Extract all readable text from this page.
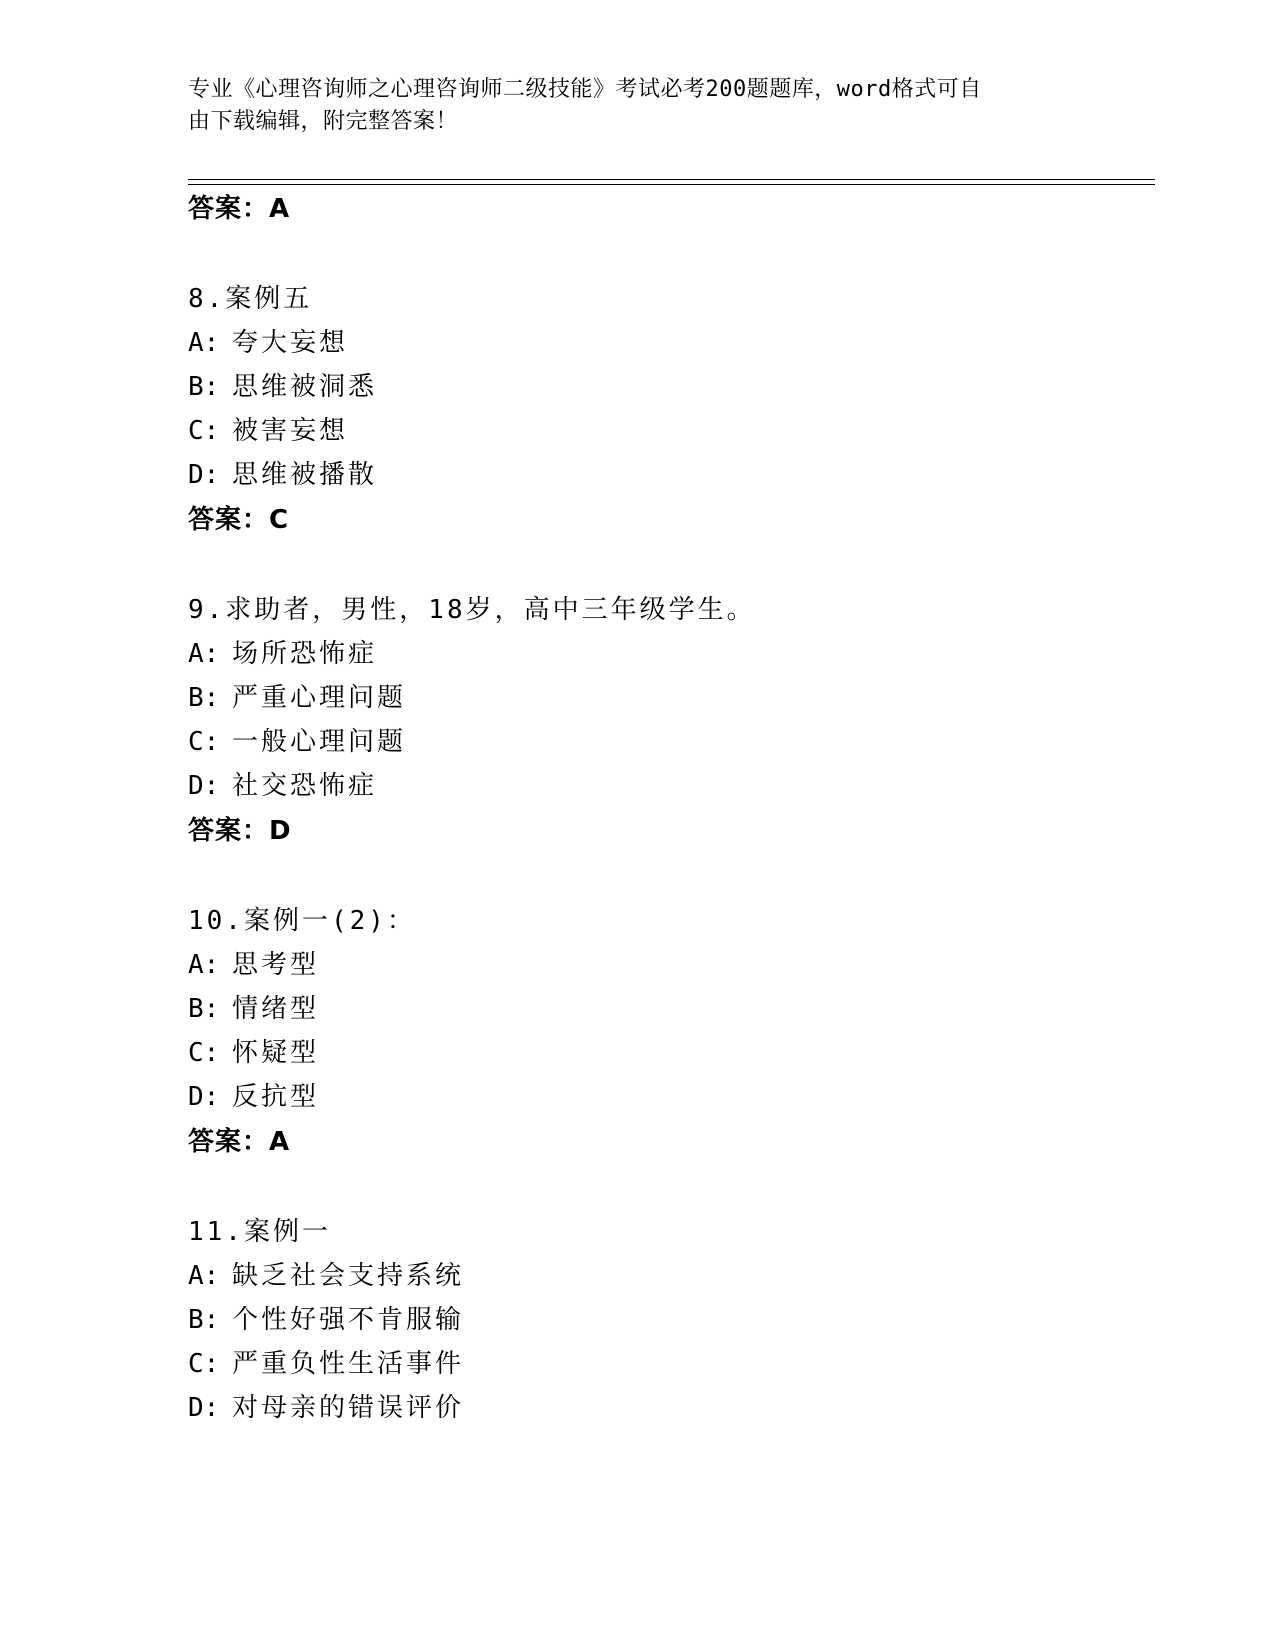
专业《心理咨询师之心理咨询师二级技能》考试必考200题题库，word格式可自
由下载编辑，附完整答案！
答案：A
8.案例五
A: 夸大妄想
B: 思维被洞悉
C: 被害妄想
D: 思维被播散
答案：C
9.求助者，男性，18岁，高中三年级学生。
A: 场所恐怖症
B: 严重心理问题
C: 一般心理问题
D: 社交恐怖症
答案：D
10.案例一(2)：
A: 思考型
B: 情绪型
C: 怀疑型
D: 反抗型
答案：A
11.案例一
A: 缺乏社会支持系统
B: 个性好强不肯服输
C: 严重负性生活事件
D: 对母亲的错误评价
